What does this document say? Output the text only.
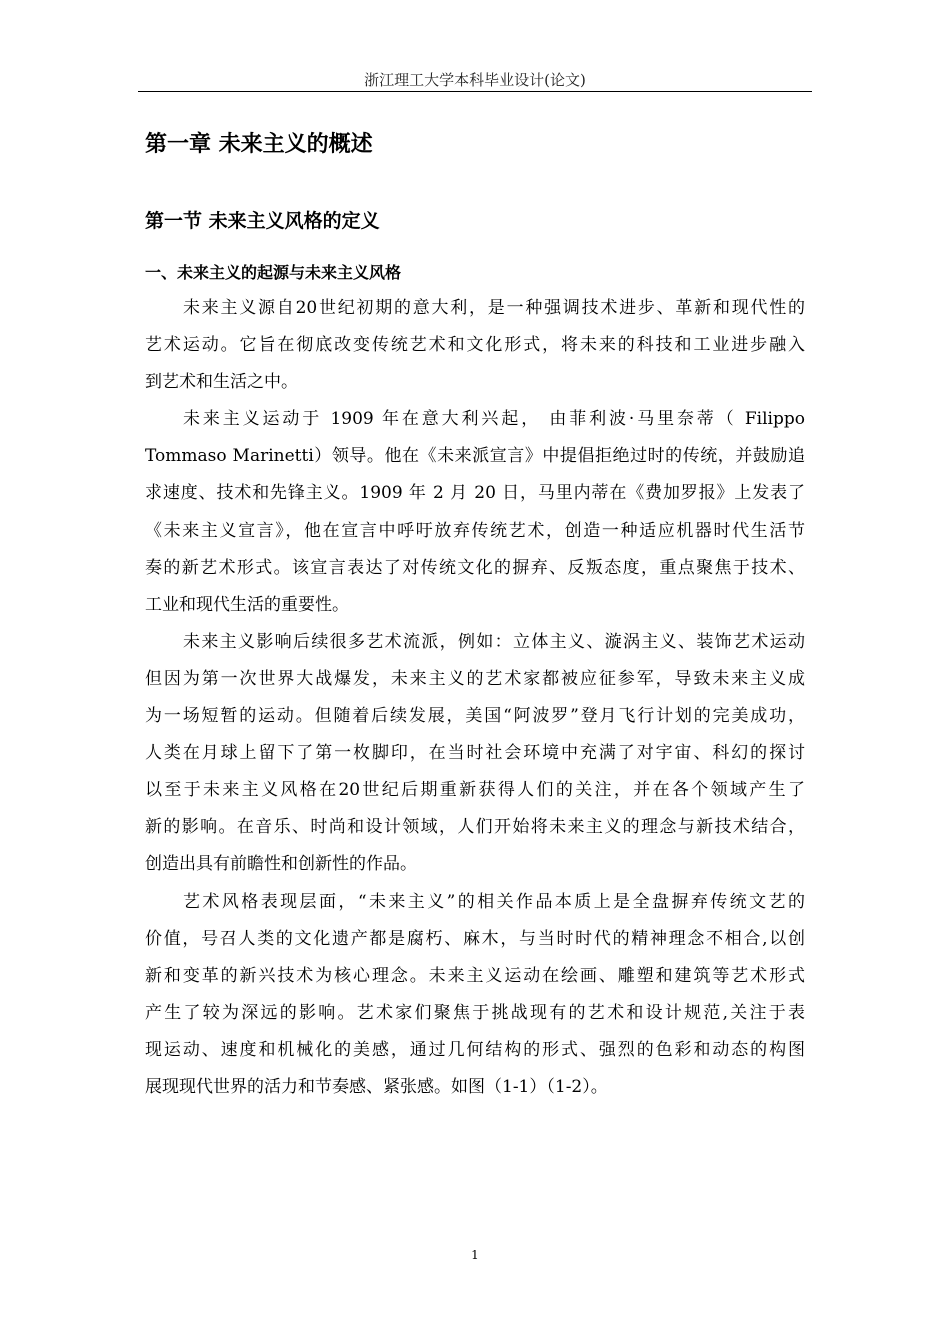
浙江理工大学本科毕业设计(论文)
第一章 未来主义的概述
第一节 未来主义风格的定义
一、未来主义的起源与未来主义风格
未来主义源自20世纪初期的意大利，是一种强调技术进步、革新和现代性的
艺术运动。它旨在彻底改变传统艺术和文化形式，将未来的科技和工业进步融入
到艺术和生活之中。
未来主义运动于 1909 年在意大利兴起， 由菲利波·马里奈蒂（ Filippo
Tommaso Marinetti）领导。他在《未来派宣言》中提倡拒绝过时的传统，并鼓励追
求速度、技术和先锋主义。1909 年 2 月 20 日，马里内蒂在《费加罗报》上发表了
《未来主义宣言》，他在宣言中呼吁放弃传统艺术，创造一种适应机器时代生活节
奏的新艺术形式。该宣言表达了对传统文化的摒弃、反叛态度，重点聚焦于技术、
工业和现代生活的重要性。
未来主义影响后续很多艺术流派，例如：立体主义、漩涡主义、装饰艺术运动
但因为第一次世界大战爆发，未来主义的艺术家都被应征参军，导致未来主义成
为一场短暂的运动。但随着后续发展，美国“阿波罗”登月飞行计划的完美成功，
人类在月球上留下了第一枚脚印，在当时社会环境中充满了对宇宙、科幻的探讨
以至于未来主义风格在20世纪后期重新获得人们的关注，并在各个领域产生了
新的影响。在音乐、时尚和设计领域，人们开始将未来主义的理念与新技术结合，
创造出具有前瞻性和创新性的作品。
艺术风格表现层面，“未来主义”的相关作品本质上是全盘摒弃传统文艺的
价值，号召人类的文化遗产都是腐朽、麻木，与当时时代的精神理念不相合,以创
新和变革的新兴技术为核心理念。未来主义运动在绘画、雕塑和建筑等艺术形式
产生了较为深远的影响。艺术家们聚焦于挑战现有的艺术和设计规范,关注于表
现运动、速度和机械化的美感，通过几何结构的形式、强烈的色彩和动态的构图
展现现代世界的活力和节奏感、紧张感。如图（1-1）（1-2）。
1
